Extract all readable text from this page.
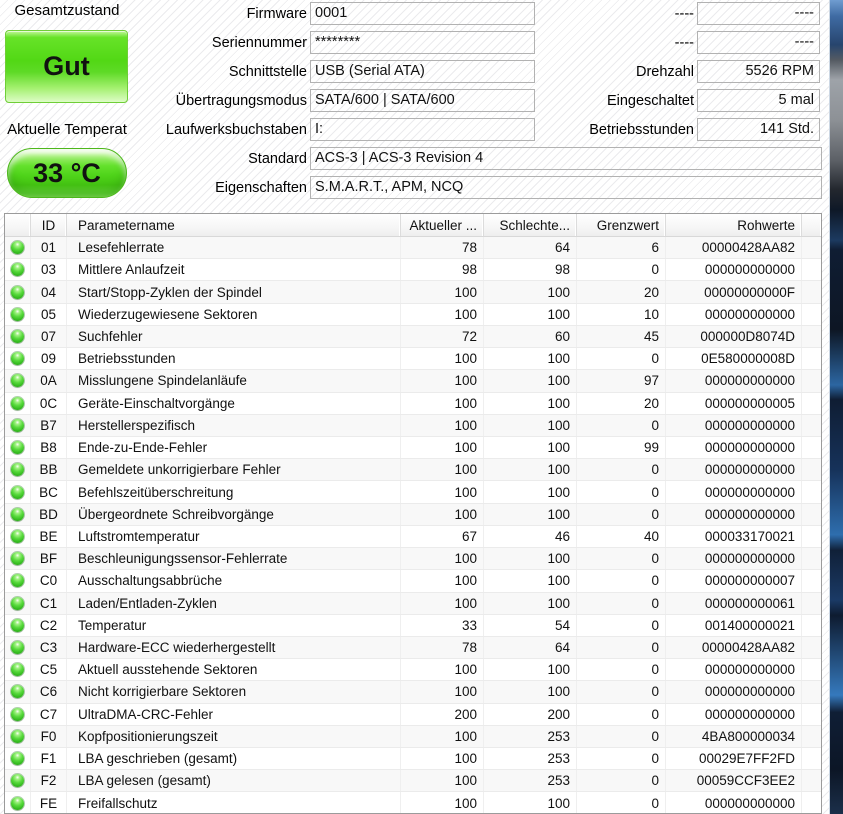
Gesamtzustand
Gut
Aktuelle Temperat
33 °C
Firmware 0001
Seriennummer ********
Schnittstelle USB (Serial ATA)
Übertragungsmodus SATA/600 | SATA/600
Laufwerksbuchstaben I:
Standard ACS-3 | ACS-3 Revision 4
Eigenschaften S.M.A.R.T., APM, NCQ
----	----
----	----
Drehzahl	5526 RPM
Eingeschaltet	5 mal
Betriebsstunden	141 Std.
ID	Parametername	Aktueller ...	Schlechte...	Grenzwert	Rohwerte
01	Lesefehlerrate	78	64	6	00000428AA82
03	Mittlere Anlaufzeit	98	98	0	000000000000
04	Start/Stopp-Zyklen der Spindel	100	100	20	00000000000F
05	Wiederzugewiesene Sektoren	100	100	10	000000000000
07	Suchfehler	72	60	45	000000D8074D
09	Betriebsstunden	100	100	0	0E580000008D
0A	Misslungene Spindelanläufe	100	100	97	000000000000
0C	Geräte-Einschaltvorgänge	100	100	20	000000000005
B7	Herstellerspezifisch	100	100	0	000000000000
B8	Ende-zu-Ende-Fehler	100	100	99	000000000000
BB	Gemeldete unkorrigierbare Fehler	100	100	0	000000000000
BC	Befehlszeitüberschreitung	100	100	0	000000000000
BD	Übergeordnete Schreibvorgänge	100	100	0	000000000000
BE	Luftstromtemperatur	67	46	40	000033170021
BF	Beschleunigungssensor-Fehlerrate	100	100	0	000000000000
C0	Ausschaltungsabbrüche	100	100	0	000000000007
C1	Laden/Entladen-Zyklen	100	100	0	000000000061
C2	Temperatur	33	54	0	001400000021
C3	Hardware-ECC wiederhergestellt	78	64	0	00000428AA82
C5	Aktuell ausstehende Sektoren	100	100	0	000000000000
C6	Nicht korrigierbare Sektoren	100	100	0	000000000000
C7	UltraDMA-CRC-Fehler	200	200	0	000000000000
F0	Kopfpositionierungszeit	100	253	0	4BA800000034
F1	LBA geschrieben (gesamt)	100	253	0	00029E7FF2FD
F2	LBA gelesen (gesamt)	100	253	0	00059CCF3EE2
FE	Freifallschutz	100	100	0	000000000000
